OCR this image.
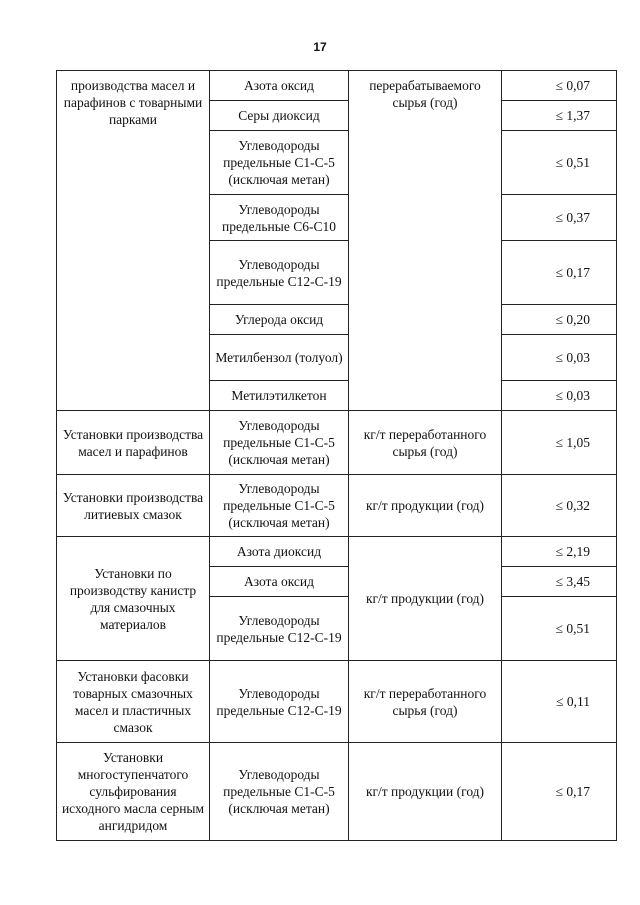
17
производства масел и парафинов с товарными парками	Азота оксид	перерабатываемого сырья (год)	≤ 0,07
	Серы диоксид		≤ 1,37
	Углеводороды предельные С1-С-5 (исключая метан)		≤ 0,51
	Углеводороды предельные С6-С10		≤ 0,37
	Углеводороды предельные С12-С-19		≤ 0,17
	Углерода оксид		≤ 0,20
	Метилбензол (толуол)		≤ 0,03
	Метилэтилкетон		≤ 0,03
Установки производства масел и парафинов	Углеводороды предельные С1-С-5 (исключая метан)	кг/т переработанного сырья (год)	≤ 1,05
Установки производства литиевых смазок	Углеводороды предельные С1-С-5 (исключая метан)	кг/т продукции (год)	≤ 0,32
Установки по производству канистр для смазочных материалов	Азота диоксид	кг/т продукции (год)	≤ 2,19
	Азота оксид		≤ 3,45
	Углеводороды предельные С12-С-19		≤ 0,51
Установки фасовки товарных смазочных масел и пластичных смазок	Углеводороды предельные С12-С-19	кг/т переработанного сырья (год)	≤ 0,11
Установки многоступенчатого сульфирования исходного масла серным ангидридом	Углеводороды предельные С1-С-5 (исключая метан)	кг/т продукции (год)	≤ 0,17
